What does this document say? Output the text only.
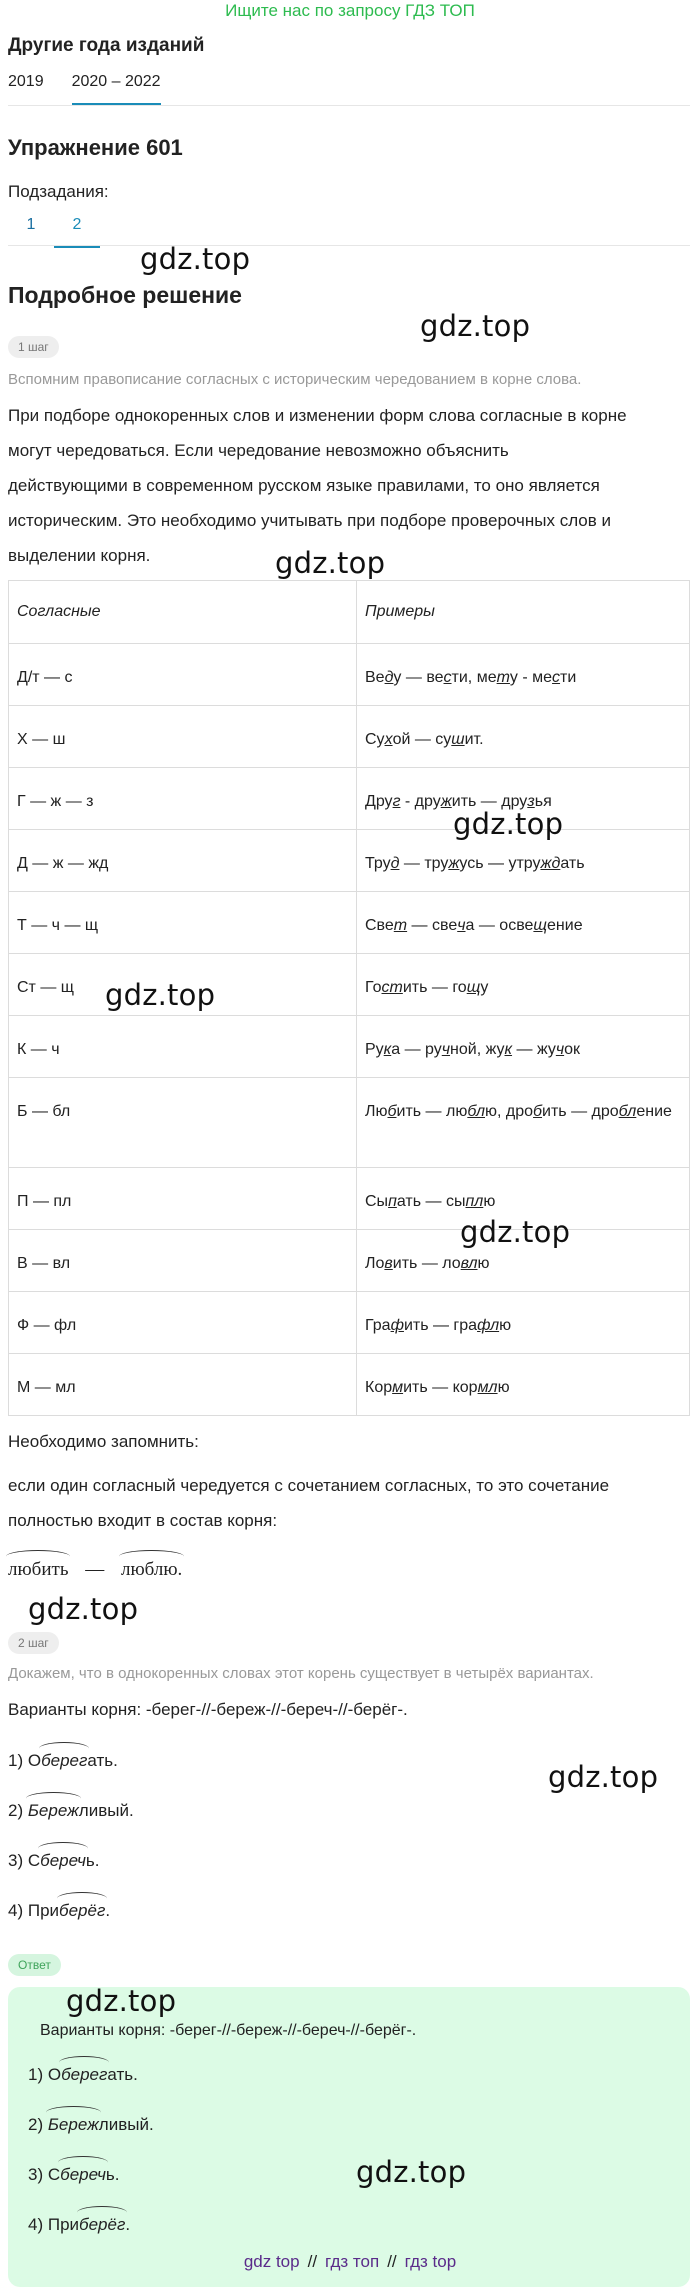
Ищите нас по запросу ГДЗ ТОП
Другие года изданий
2019 2020 – 2022
Упражнение 601
Подзадания:
1	2
Подробное решение
1 шаг
Вспомним правописание согласных с историческим чередованием в корне слова.
При подборе однокоренных слов и изменении форм слова согласные в корне
могут чередоваться. Если чередование невозможно объяснить
действующими в современном русском языке правилами, то оно является
историческим. Это необходимо учитывать при подборе проверочных слов и
выделении корня.
Согласные	Примеры
Д/т — с	Веду — вести, мету - мести
Х — ш	Сухой — сушит.
Г — ж — з	Друг - дружить — друзья
Д — ж — жд	Труд — тружусь — утруждать
Т — ч — щ	Свет — свеча — освещение
Ст — щ	Гостить — гощу
К — ч	Рука — ручной, жук — жучок
Б — бл	Любить — люблю, дробить — дробление
П — пл	Сыпать — сыплю
В — вл	Ловить — ловлю
Ф — фл	Графить — графлю
М — мл	Кормить — кормлю
Необходимо запомнить:
если один согласный чередуется с сочетанием согласных, то это сочетание
полностью входит в состав корня:
любить — люблю.
2 шаг
Докажем, что в однокоренных словах этот корень существует в четырёх вариантах.
Варианты корня: -берег-//-береж-//-береч-//-берёг-.
1) Оберегать.
2) Бережливый.
3) Сберечь.
4) Приберёг.
Ответ
Варианты корня: -берег-//-береж-//-береч-//-берёг-.
1) Оберегать.
2) Бережливый.
3) Сберечь.
4) Приберёг.
gdz top // гдз топ // гдз top
gdz.top
gdz.top
gdz.top
gdz.top
gdz.top
gdz.top
gdz.top
gdz.top
gdz.top
gdz.top
